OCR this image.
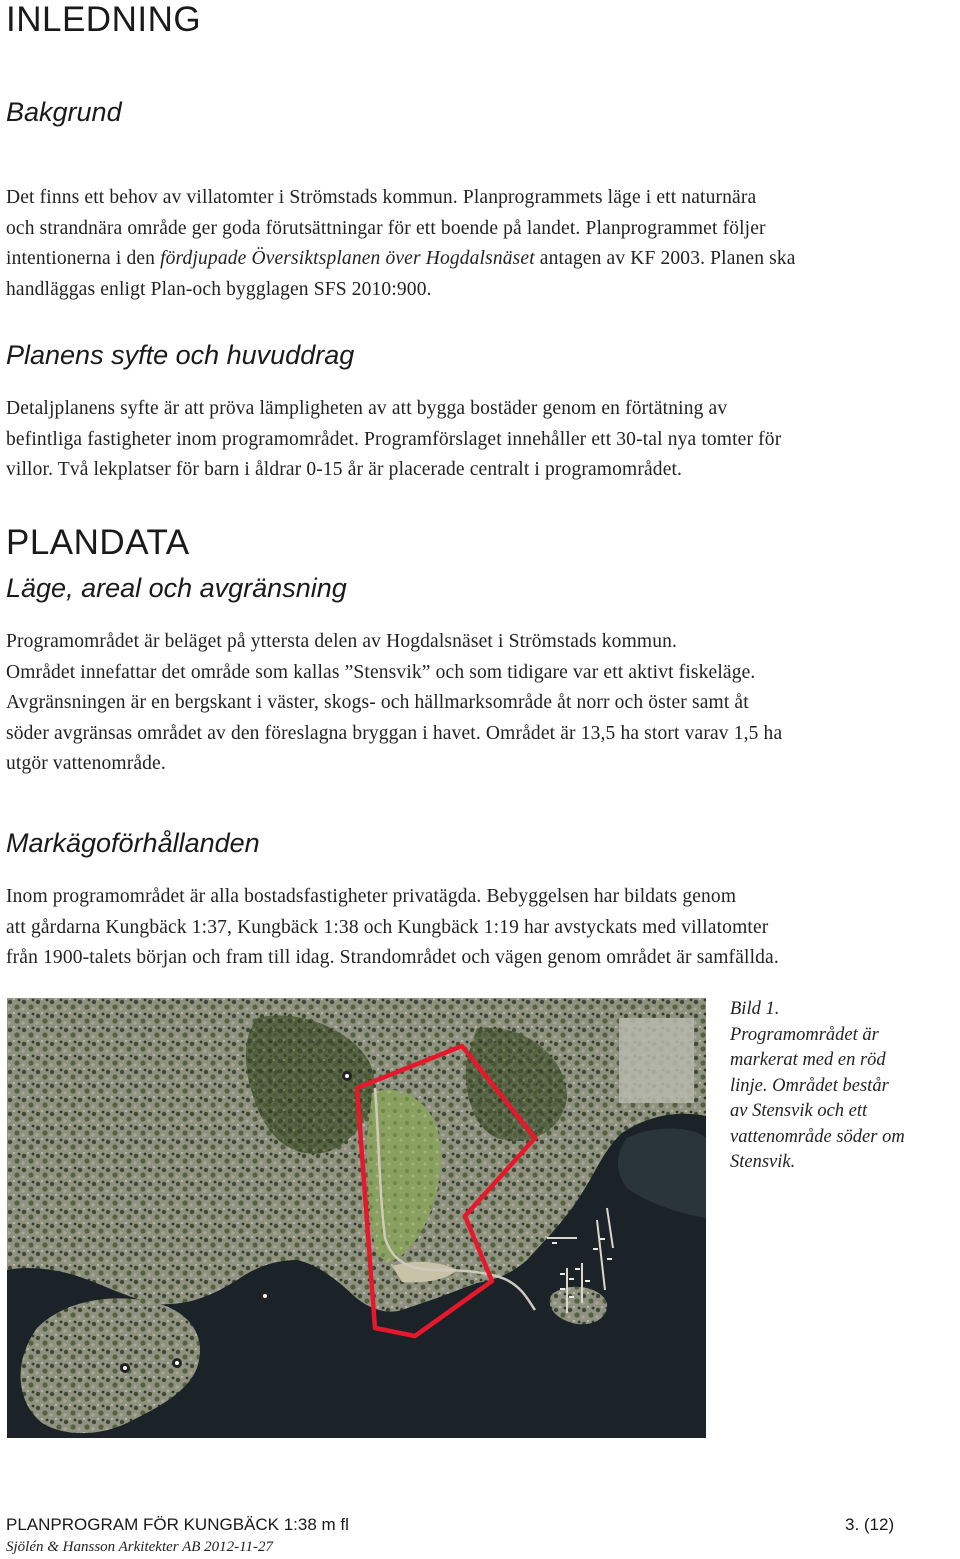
INLEDNING
Bakgrund
Det finns ett behov av villatomter i Strömstads kommun. Planprogrammets läge i ett naturnära
och strandnära område ger goda förutsättningar för ett boende på landet. Planprogrammet följer
intentionerna i den fördjupade Översiktsplanen över Hogdalsnäset antagen av KF 2003. Planen ska
handläggas enligt Plan-och bygglagen SFS 2010:900.
Planens syfte och huvuddrag
Detaljplanens syfte är att pröva lämpligheten av att bygga bostäder genom en förtätning av
befintliga fastigheter inom programområdet. Programförslaget innehåller ett 30-tal nya tomter för
villor. Två lekplatser för barn i åldrar 0-15 år är placerade centralt i programområdet.
PLANDATA
Läge, areal och avgränsning
Programområdet är beläget på yttersta delen av Hogdalsnäset i Strömstads kommun.
Området innefattar det område som kallas ”Stensvik” och som tidigare var ett aktivt fiskeläge.
Avgränsningen är en bergskant i väster, skogs- och hällmarksområde åt norr och öster samt åt
söder avgränsas området av den föreslagna bryggan i havet. Området är 13,5 ha stort varav 1,5 ha
utgör vattenområde.
Markägoförhållanden
Inom programområdet är alla bostadsfastigheter privatägda. Bebyggelsen har bildats genom
att gårdarna Kungbäck 1:37, Kungbäck 1:38 och Kungbäck 1:19 har avstyckats med villatomter
från 1900-talets början och fram till idag. Strandområdet och vägen genom området är samfällda.
Bild 1.
Programområdet är
markerat med en röd
linje. Området består
av Stensvik och ett
vattenområde söder om
Stensvik.
PLANPROGRAM FÖR KUNGBÄCK 1:38 m fl	3. (12)
Sjölén & Hansson Arkitekter AB 2012-11-27
